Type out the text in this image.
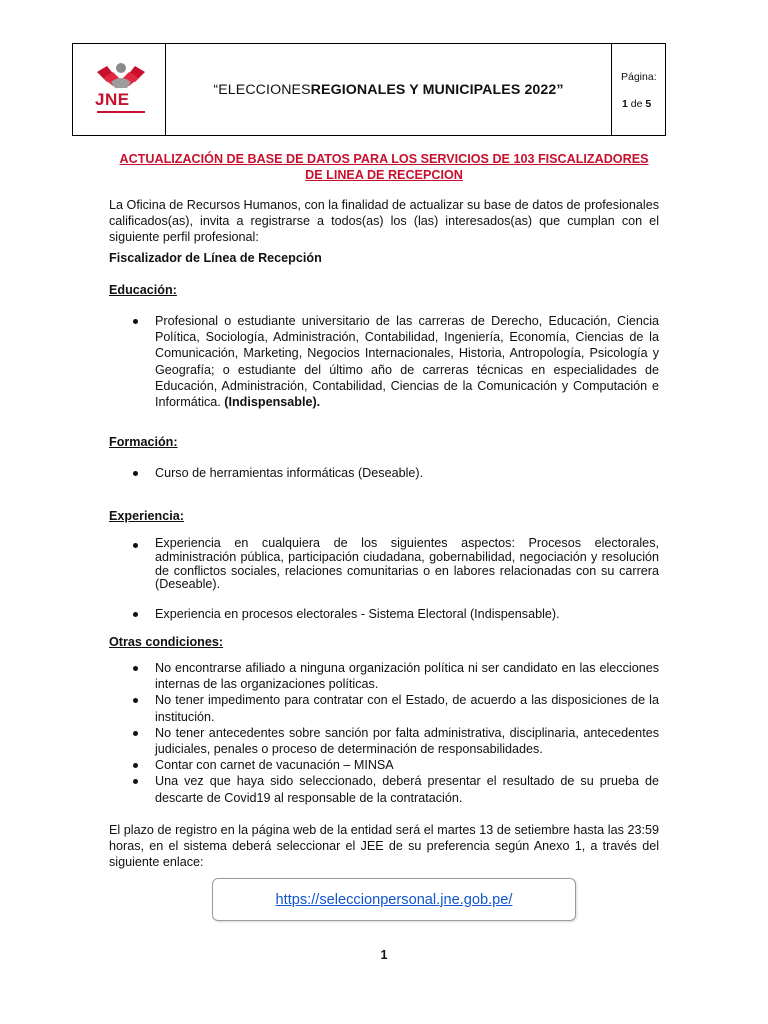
JNE
“ELECCIONES REGIONALES Y MUNICIPALES 2022”
Página:
1 de 5
ACTUALIZACIÓN DE BASE DE DATOS PARA LOS SERVICIOS DE 103 FISCALIZADORES
DE LINEA DE RECEPCION
La Oficina de Recursos Humanos, con la finalidad de actualizar su base de datos de profesionales calificados(as), invita a registrarse a todos(as) los (las) interesados(as) que cumplan con el siguiente perfil profesional:
Fiscalizador de Línea de Recepción
Educación:
Profesional o estudiante universitario de las carreras de Derecho, Educación, Ciencia Política, Sociología, Administración, Contabilidad, Ingeniería, Economía, Ciencias de la Comunicación, Marketing, Negocios Internacionales, Historia, Antropología, Psicología y Geografía; o estudiante del último año de carreras técnicas en especialidades de Educación, Administración, Contabilidad, Ciencias de la Comunicación y Computación e Informática. (Indispensable).
Formación:
Curso de herramientas informáticas (Deseable).
Experiencia:
Experiencia en cualquiera de los siguientes aspectos: Procesos electorales, administración pública, participación ciudadana, gobernabilidad, negociación y resolución de conflictos sociales, relaciones comunitarias o en labores relacionadas con su carrera (Deseable).
Experiencia en procesos electorales - Sistema Electoral (Indispensable).
Otras condiciones:
No encontrarse afiliado a ninguna organización política ni ser candidato en las elecciones internas de las organizaciones políticas.
No tener impedimento para contratar con el Estado, de acuerdo a las disposiciones de la institución.
No tener antecedentes sobre sanción por falta administrativa, disciplinaria, antecedentes judiciales, penales o proceso de determinación de responsabilidades.
Contar con carnet de vacunación – MINSA
Una vez que haya sido seleccionado, deberá presentar el resultado de su prueba de descarte de Covid19 al responsable de la contratación.
El plazo de registro en la página web de la entidad será el martes 13 de setiembre hasta las 23:59 horas, en el sistema deberá seleccionar el JEE de su preferencia según Anexo 1, a través del siguiente enlace:
https://seleccionpersonal.jne.gob.pe/
1
